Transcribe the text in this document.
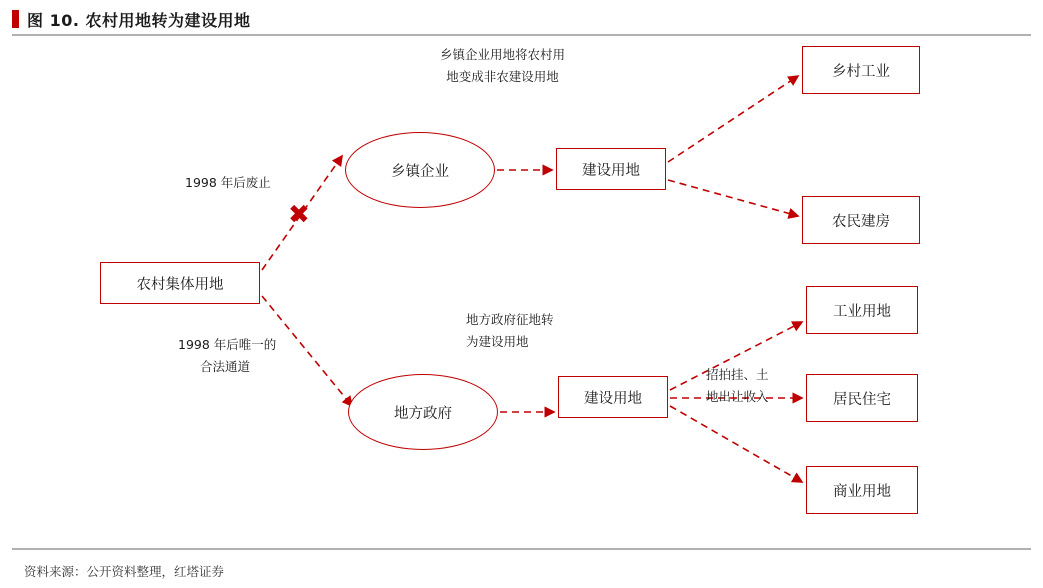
图 10. 农村用地转为建设用地
农村集体用地
乡镇企业
地方政府
建设用地
建设用地
乡村工业
农民建房
工业用地
居民住宅
商业用地
乡镇企业用地将农村用
地变成非农建设用地
1998 年后废止
1998 年后唯一的
合法通道
地方政府征地转
为建设用地
招拍挂、土
地出让收入
✖
资料来源：公开资料整理，红塔证券
